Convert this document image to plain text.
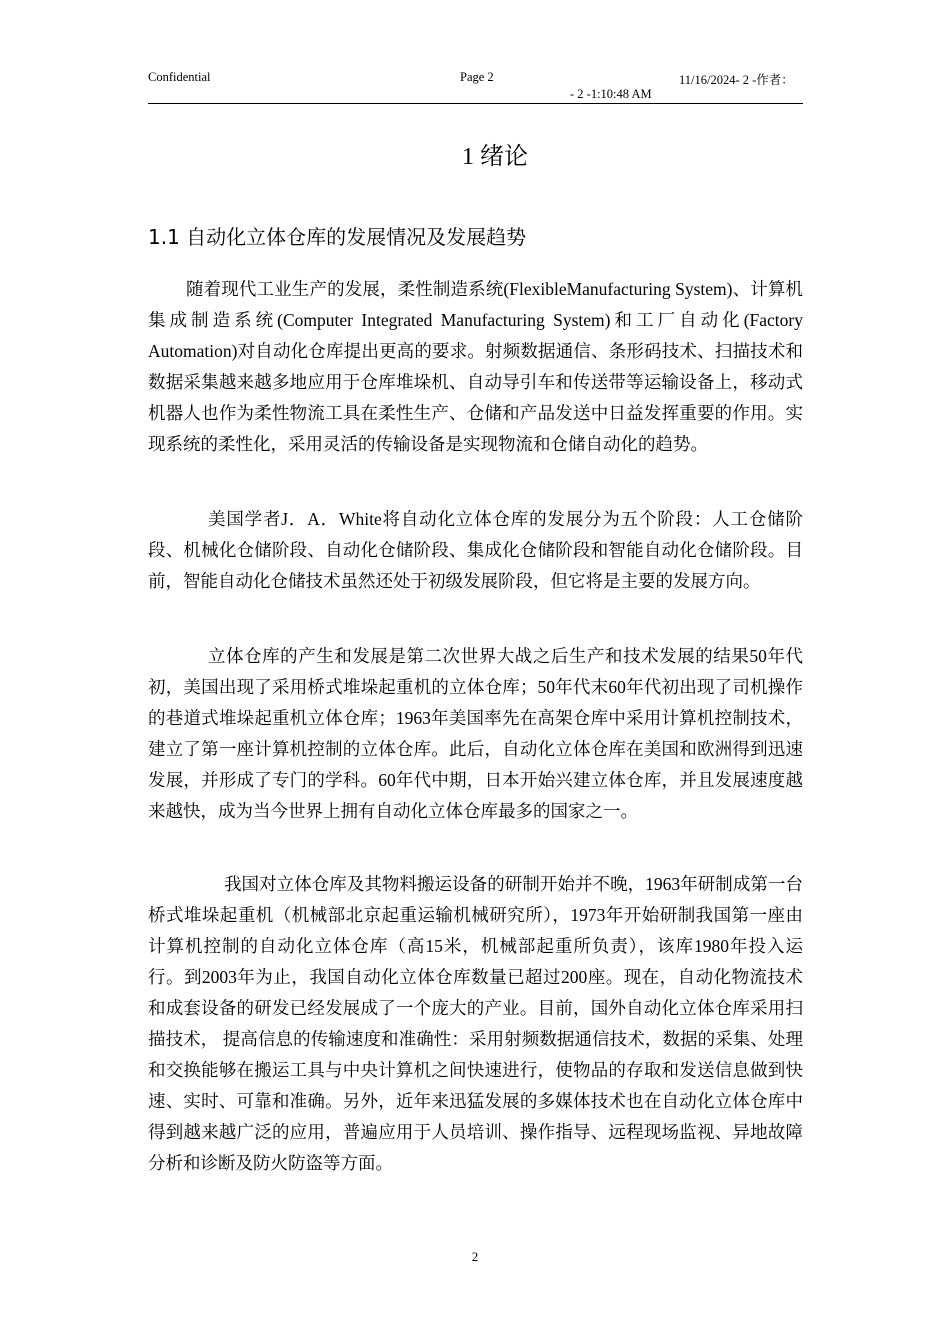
Confidential	Page 2	11/16/2024- 2 -作者：
- 2 -1:10:48 AM
1 绪论
1.1 自动化立体仓库的发展情况及发展趋势

随着现代工业生产的发展，柔性制造系统(FlexibleManufacturing System)、计算机集成制造系统(Computer Integrated Manufacturing System)和工厂自动化(Factory Automation)对自动化仓库提出更高的要求。射频数据通信、条形码技术、扫描技术和数据采集越来越多地应用于仓库堆垛机、自动导引车和传送带等运输设备上，移动式机器人也作为柔性物流工具在柔性生产、仓储和产品发送中日益发挥重要的作用。实现系统的柔性化，采用灵活的传输设备是实现物流和仓储自动化的趋势。

美国学者J．A．White将自动化立体仓库的发展分为五个阶段：人工仓储阶段、机械化仓储阶段、自动化仓储阶段、集成化仓储阶段和智能自动化仓储阶段。目前，智能自动化仓储技术虽然还处于初级发展阶段，但它将是主要的发展方向。

立体仓库的产生和发展是第二次世界大战之后生产和技术发展的结果50年代初，美国出现了采用桥式堆垛起重机的立体仓库；50年代末60年代初出现了司机操作的巷道式堆垛起重机立体仓库；1963年美国率先在高架仓库中采用计算机控制技术，建立了第一座计算机控制的立体仓库。此后，自动化立体仓库在美国和欧洲得到迅速发展，并形成了专门的学科。60年代中期，日本开始兴建立体仓库，并且发展速度越来越快，成为当今世界上拥有自动化立体仓库最多的国家之一。

我国对立体仓库及其物料搬运设备的研制开始并不晚，1963年研制成第一台桥式堆垛起重机（机械部北京起重运输机械研究所），1973年开始研制我国第一座由计算机控制的自动化立体仓库（高15米，机械部起重所负责），该库1980年投入运行。到2003年为止，我国自动化立体仓库数量已超过200座。现在，自动化物流技术和成套设备的研发已经发展成了一个庞大的产业。目前，国外自动化立体仓库采用扫描技术， 提高信息的传输速度和准确性：采用射频数据通信技术，数据的采集、处理和交换能够在搬运工具与中央计算机之间快速进行，使物品的存取和发送信息做到快速、实时、可靠和准确。另外，近年来迅猛发展的多媒体技术也在自动化立体仓库中得到越来越广泛的应用，普遍应用于人员培训、操作指导、远程现场监视、异地故障分析和诊断及防火防盗等方面。

2
